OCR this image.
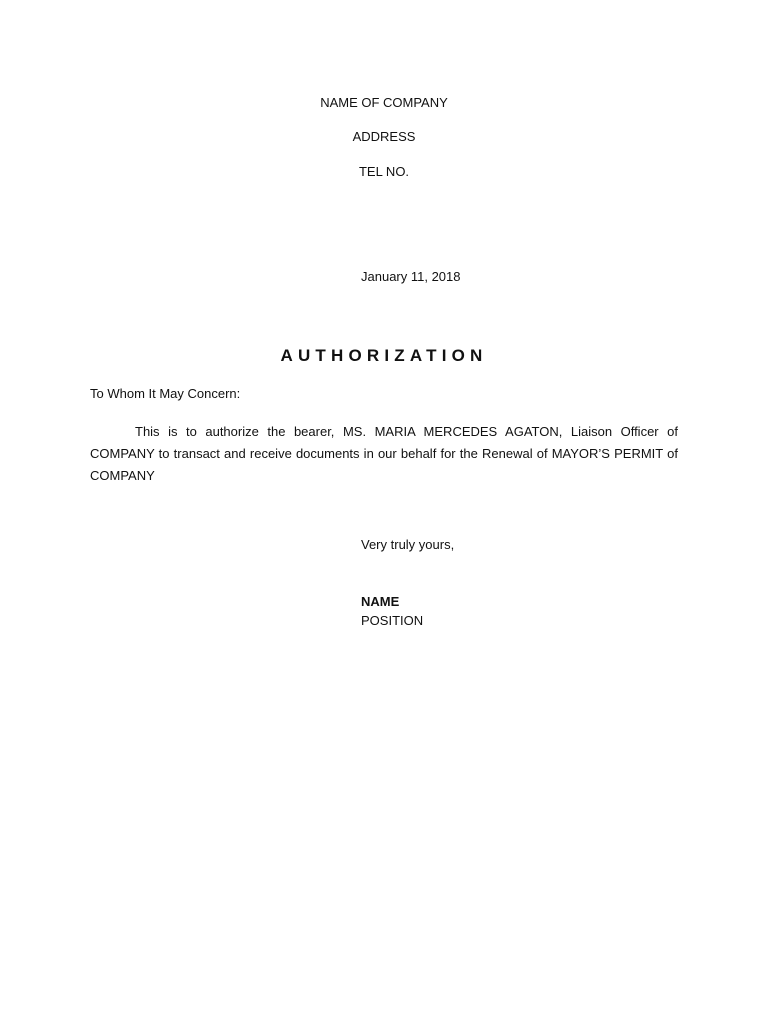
NAME OF COMPANY
ADDRESS
TEL NO.
January 11, 2018
AUTHORIZATION
To Whom It May Concern:

This is to authorize the bearer, MS. MARIA MERCEDES AGATON, Liaison Officer of COMPANY to transact and receive documents in our behalf for the Renewal of MAYOR’S PERMIT of COMPANY

Very truly yours,
NAME
POSITION
